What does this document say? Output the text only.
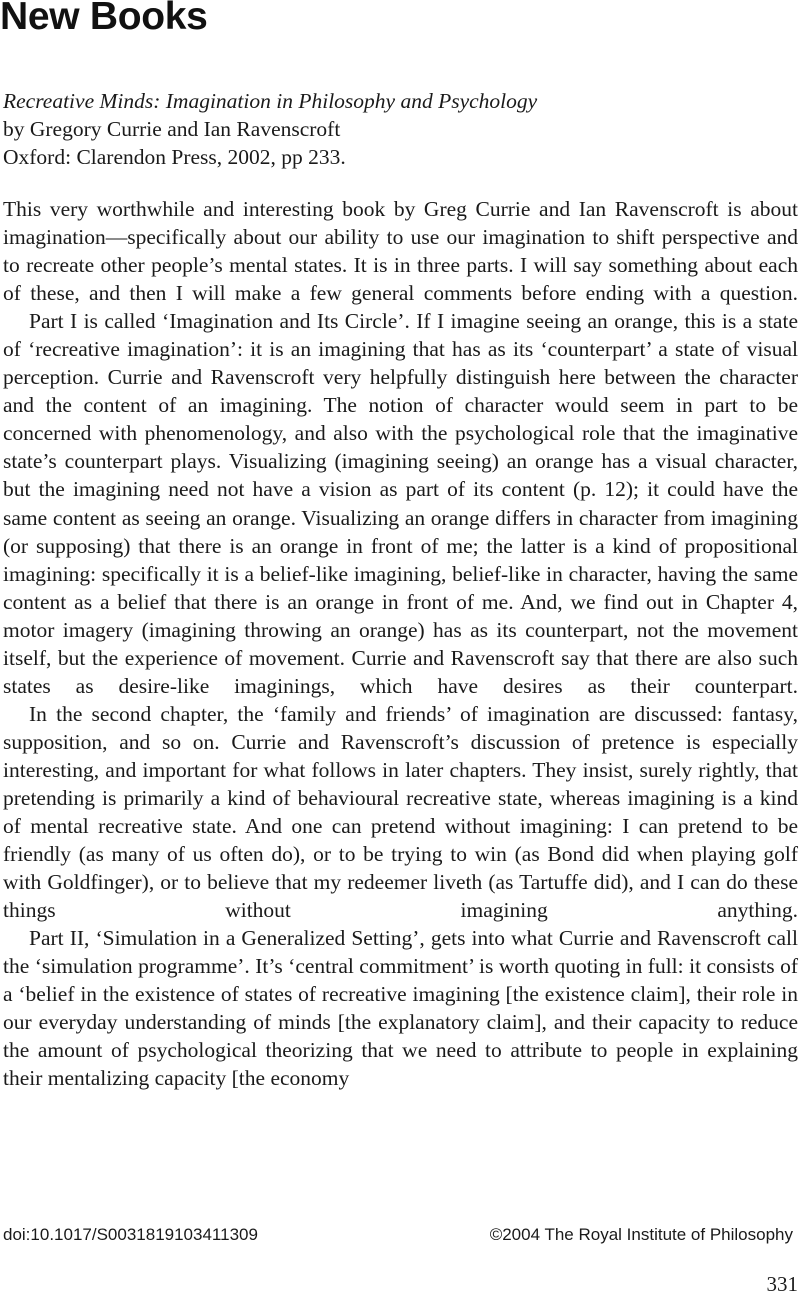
New Books
Recreative Minds: Imagination in Philosophy and Psychology
by Gregory Currie and Ian Ravenscroft
Oxford: Clarendon Press, 2002, pp 233.

This very worthwhile and interesting book by Greg Currie and Ian Ravenscroft is about imagination—specifically about our ability to use our imagination to shift perspective and to recreate other people’s mental states. It is in three parts. I will say something about each of these, and then I will make a few general comments before ending with a question.

Part I is called ‘Imagination and Its Circle’. If I imagine seeing an orange, this is a state of ‘recreative imagination’: it is an imagining that has as its ‘counterpart’ a state of visual perception. Currie and Ravenscroft very helpfully distinguish here between the character and the content of an imagining. The notion of character would seem in part to be concerned with phenomenology, and also with the psychological role that the imaginative state’s counterpart plays. Visualizing (imagining seeing) an orange has a visual character, but the imagining need not have a vision as part of its content (p. 12); it could have the same content as seeing an orange. Visualizing an orange differs in character from imagining (or supposing) that there is an orange in front of me; the latter is a kind of propositional imagining: specifically it is a belief-like imagining, belief-like in character, having the same content as a belief that there is an orange in front of me. And, we find out in Chapter 4, motor imagery (imagining throwing an orange) has as its counterpart, not the movement itself, but the experience of movement. Currie and Ravenscroft say that there are also such states as desire-like imaginings, which have desires as their counterpart.

In the second chapter, the ‘family and friends’ of imagination are discussed: fantasy, supposition, and so on. Currie and Ravenscroft’s discussion of pretence is especially interesting, and important for what follows in later chapters. They insist, surely rightly, that pretending is primarily a kind of behavioural recreative state, whereas imagining is a kind of mental recreative state. And one can pretend without imagining: I can pretend to be friendly (as many of us often do), or to be trying to win (as Bond did when playing golf with Goldfinger), or to believe that my redeemer liveth (as Tartuffe did), and I can do these things without imagining anything.

Part II, ‘Simulation in a Generalized Setting’, gets into what Currie and Ravenscroft call the ‘simulation programme’. It’s ‘central commitment’ is worth quoting in full: it consists of a ‘belief in the existence of states of recreative imagining [the existence claim], their role in our everyday understanding of minds [the explanatory claim], and their capacity to reduce the amount of psychological theorizing that we need to attribute to people in explaining their mentalizing capacity [the economy

doi:10.1017/S0031819103411309	©2004 The Royal Institute of Philosophy
331
